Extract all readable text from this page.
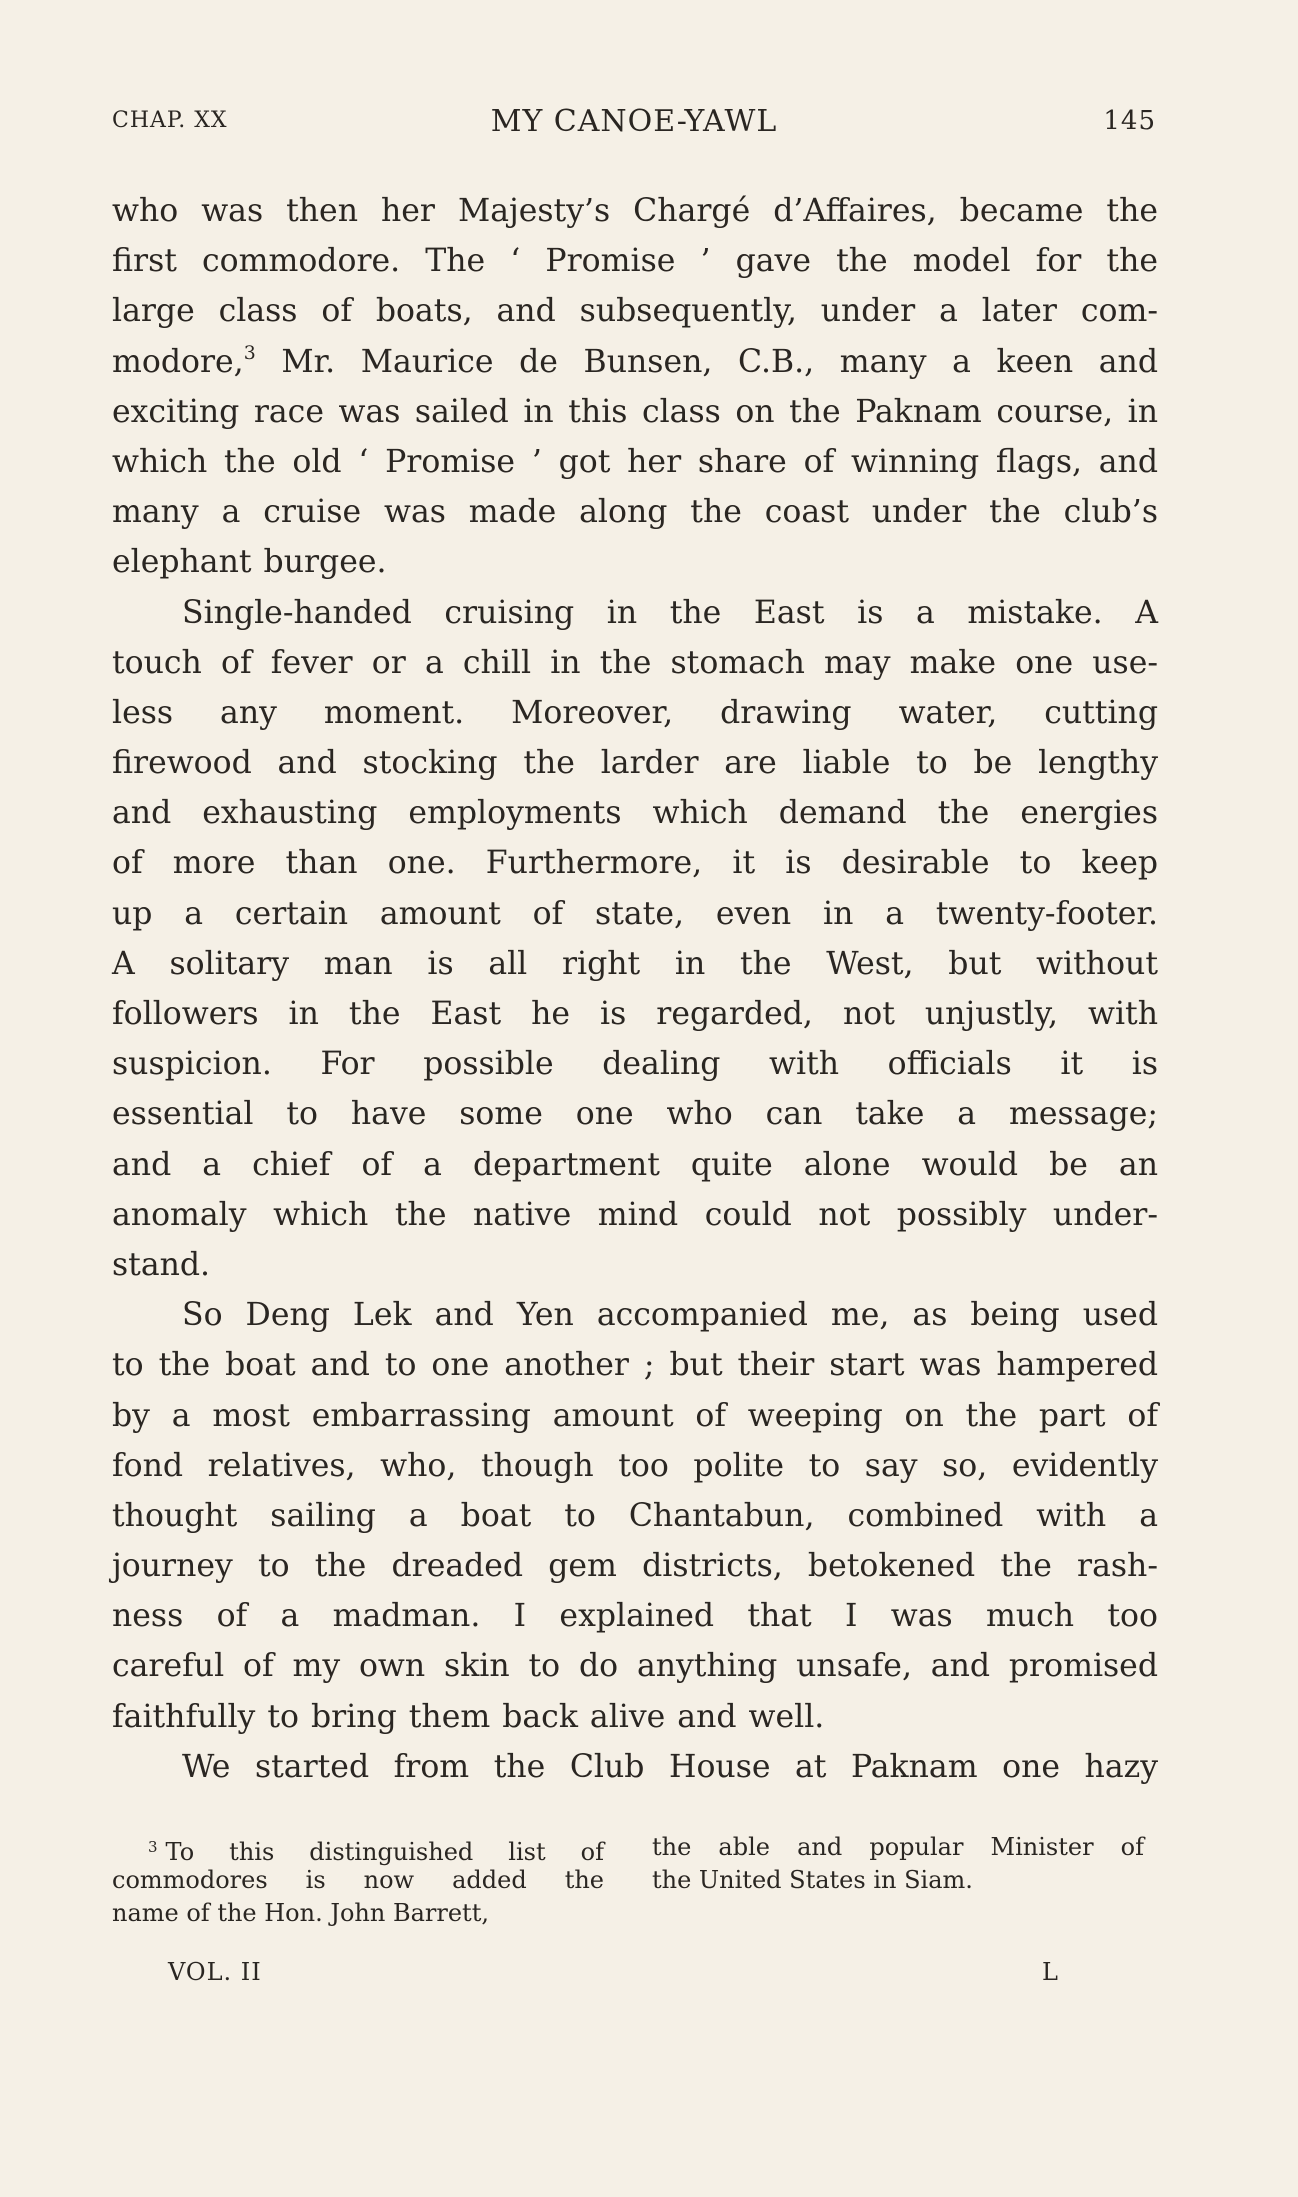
CHAP. XX	MY CANOE-YAWL	145
who was then her Majesty’s Chargé d’Affaires, became the
first commodore. The ‘ Promise ’ gave the model for the
large class of boats, and subsequently, under a later com-
modore,$^3$ Mr. Maurice de Bunsen, C.B., many a keen and
exciting race was sailed in this class on the Paknam course, in
which the old ‘ Promise ’ got her share of winning flags, and
many a cruise was made along the coast under the club’s
elephant burgee.
Single-handed cruising in the East is a mistake. A
touch of fever or a chill in the stomach may make one use-
less any moment. Moreover, drawing water, cutting
firewood and stocking the larder are liable to be lengthy
and exhausting employments which demand the energies
of more than one. Furthermore, it is desirable to keep
up a certain amount of state, even in a twenty-footer.
A solitary man is all right in the West, but without
followers in the East he is regarded, not unjustly, with
suspicion. For possible dealing with officials it is
essential to have some one who can take a message;
and a chief of a department quite alone would be an
anomaly which the native mind could not possibly under-
stand.
So Deng Lek and Yen accompanied me, as being used
to the boat and to one another ; but their start was hampered
by a most embarrassing amount of weeping on the part of
fond relatives, who, though too polite to say so, evidently
thought sailing a boat to Chantabun, combined with a
journey to the dreaded gem districts, betokened the rash-
ness of a madman. I explained that I was much too
careful of my own skin to do anything unsafe, and promised
faithfully to bring them back alive and well.
We started from the Club House at Paknam one hazy
$^3$ To this distinguished list of
commodores is now added the
name of the Hon. John Barrett,
the able and popular Minister of
the United States in Siam.
VOL. II	L
